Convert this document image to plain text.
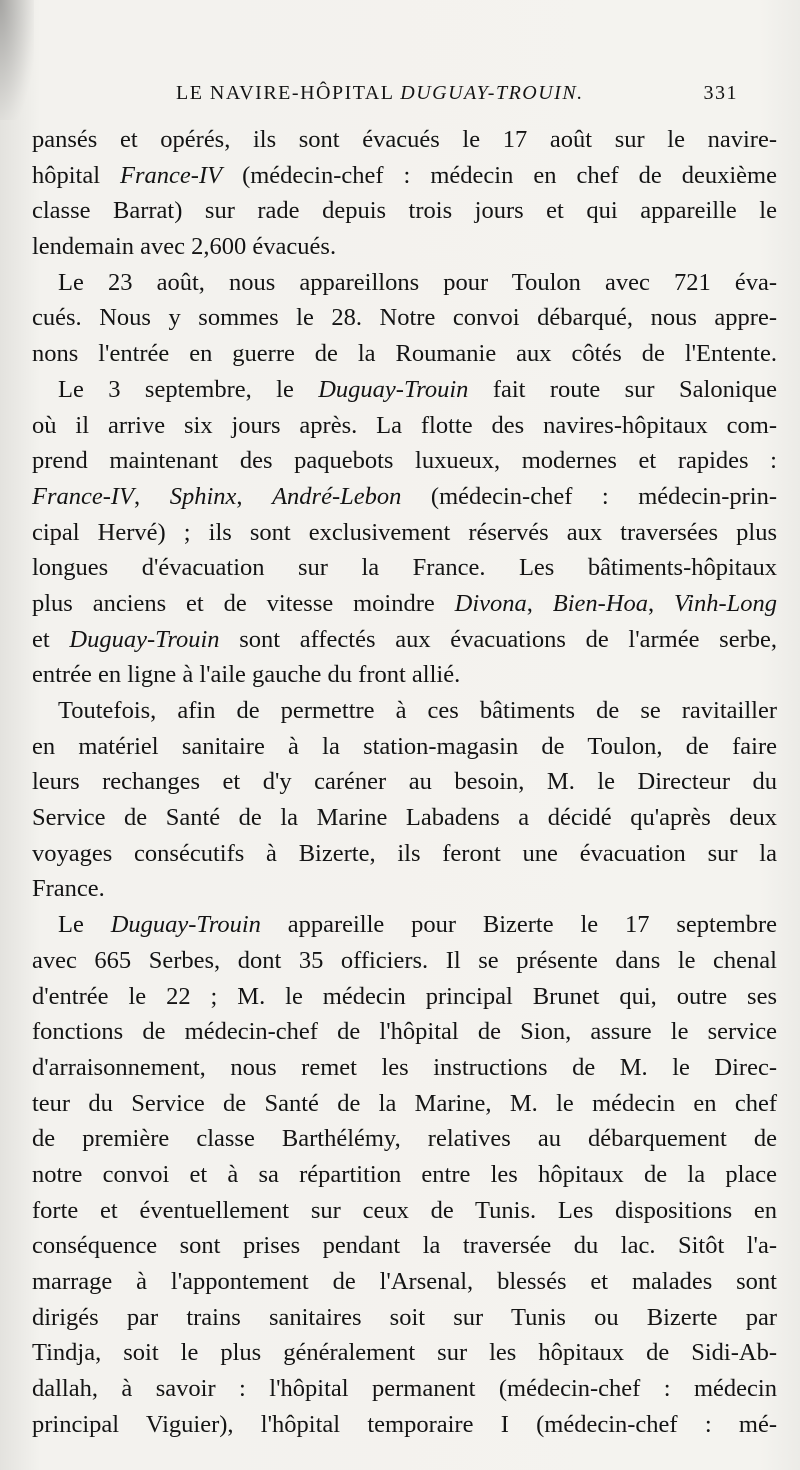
LE NAVIRE-HÔPITAL DUGUAY-TROUIN.	331
pansés et opérés, ils sont évacués le 17 août sur le navire-
hôpital France-IV (médecin-chef : médecin en chef de deuxième
classe Barrat) sur rade depuis trois jours et qui appareille le
lendemain avec 2,600 évacués.
Le 23 août, nous appareillons pour Toulon avec 721 éva-
cués. Nous y sommes le 28. Notre convoi débarqué, nous appre-
nons l'entrée en guerre de la Roumanie aux côtés de l'Entente.
Le 3 septembre, le Duguay-Trouin fait route sur Salonique
où il arrive six jours après. La flotte des navires-hôpitaux com-
prend maintenant des paquebots luxueux, modernes et rapides :
France-IV, Sphinx, André-Lebon (médecin-chef : médecin-prin-
cipal Hervé) ; ils sont exclusivement réservés aux traversées plus
longues d'évacuation sur la France. Les bâtiments-hôpitaux
plus anciens et de vitesse moindre Divona, Bien-Hoa, Vinh-Long
et Duguay-Trouin sont affectés aux évacuations de l'armée serbe,
entrée en ligne à l'aile gauche du front allié.
Toutefois, afin de permettre à ces bâtiments de se ravitailler
en matériel sanitaire à la station-magasin de Toulon, de faire
leurs rechanges et d'y caréner au besoin, M. le Directeur du
Service de Santé de la Marine Labadens a décidé qu'après deux
voyages consécutifs à Bizerte, ils feront une évacuation sur la
France.
Le Duguay-Trouin appareille pour Bizerte le 17 septembre
avec 665 Serbes, dont 35 officiers. Il se présente dans le chenal
d'entrée le 22 ; M. le médecin principal Brunet qui, outre ses
fonctions de médecin-chef de l'hôpital de Sion, assure le service
d'arraisonnement, nous remet les instructions de M. le Direc-
teur du Service de Santé de la Marine, M. le médecin en chef
de première classe Barthélémy, relatives au débarquement de
notre convoi et à sa répartition entre les hôpitaux de la place
forte et éventuellement sur ceux de Tunis. Les dispositions en
conséquence sont prises pendant la traversée du lac. Sitôt l'a-
marrage à l'appontement de l'Arsenal, blessés et malades sont
dirigés par trains sanitaires soit sur Tunis ou Bizerte par
Tindja, soit le plus généralement sur les hôpitaux de Sidi-Ab-
dallah, à savoir : l'hôpital permanent (médecin-chef : médecin
principal Viguier), l'hôpital temporaire I (médecin-chef : mé-
